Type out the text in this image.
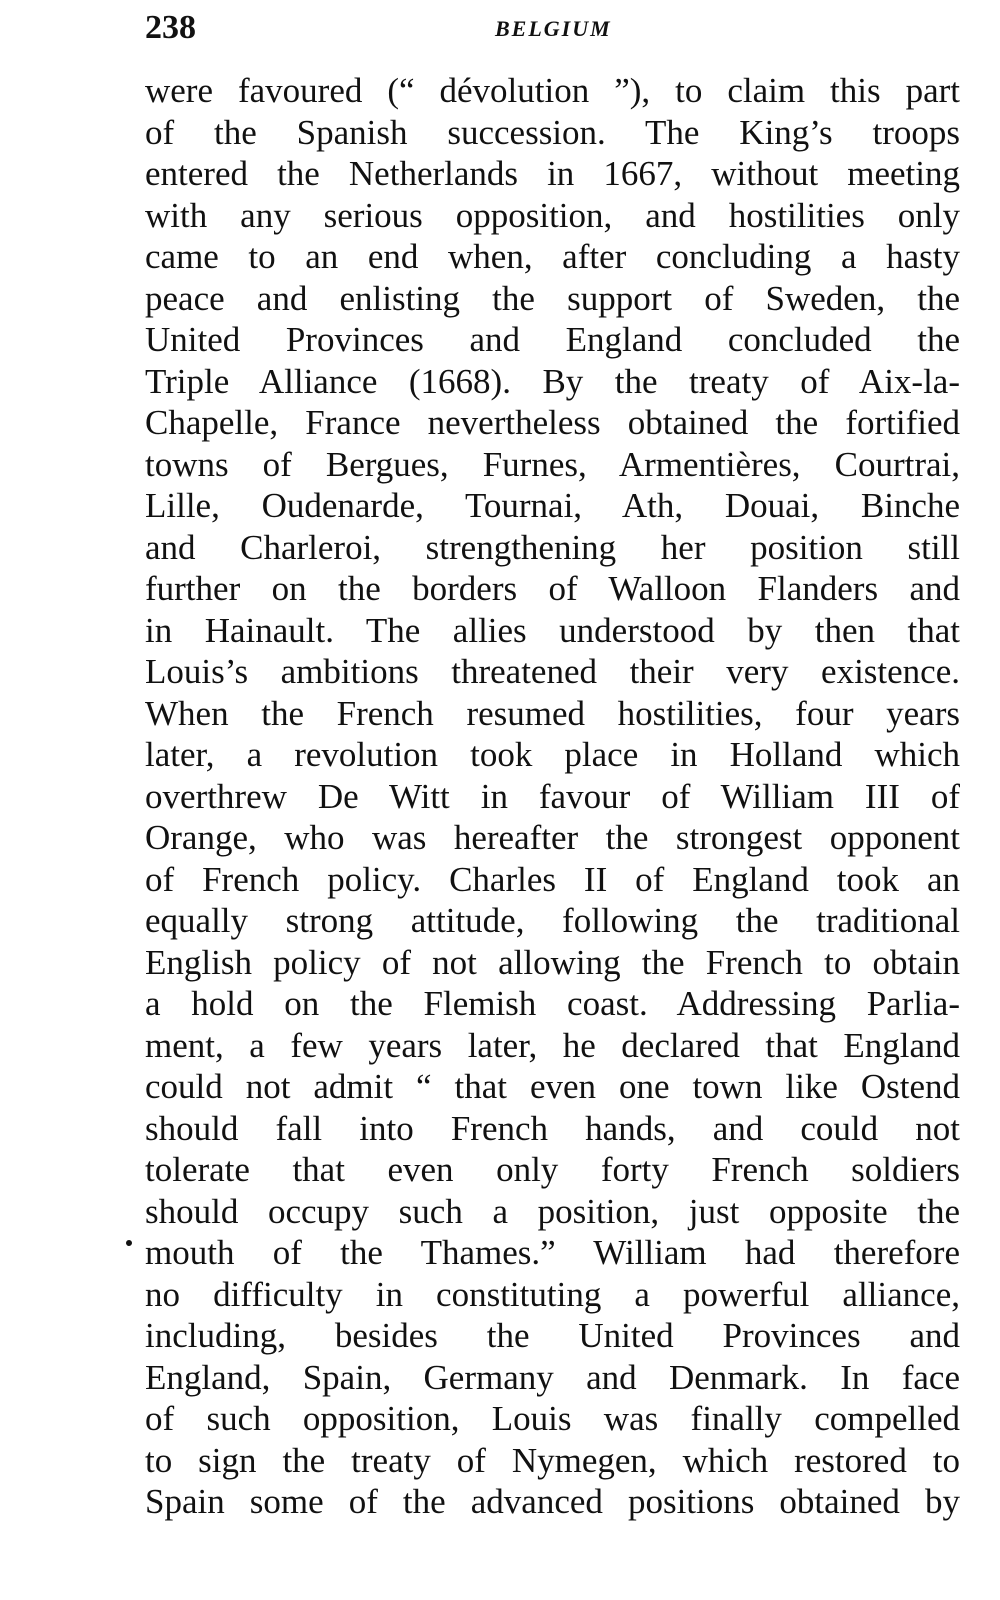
238	BELGIUM
were favoured (“ dévolution ”), to claim this part
of the Spanish succession. The King’s troops
entered the Netherlands in 1667, without meeting
with any serious opposition, and hostilities only
came to an end when, after concluding a hasty
peace and enlisting the support of Sweden, the
United Provinces and England concluded the
Triple Alliance (1668). By the treaty of Aix-la-
Chapelle, France nevertheless obtained the fortified
towns of Bergues, Furnes, Armentières, Courtrai,
Lille, Oudenarde, Tournai, Ath, Douai, Binche
and Charleroi, strengthening her position still
further on the borders of Walloon Flanders and
in Hainault. The allies understood by then that
Louis’s ambitions threatened their very existence.
When the French resumed hostilities, four years
later, a revolution took place in Holland which
overthrew De Witt in favour of William III of
Orange, who was hereafter the strongest opponent
of French policy. Charles II of England took an
equally strong attitude, following the traditional
English policy of not allowing the French to obtain
a hold on the Flemish coast. Addressing Parlia-
ment, a few years later, he declared that England
could not admit “ that even one town like Ostend
should fall into French hands, and could not
tolerate that even only forty French soldiers
should occupy such a position, just opposite the
mouth of the Thames.” William had therefore
no difficulty in constituting a powerful alliance,
including, besides the United Provinces and
England, Spain, Germany and Denmark. In face
of such opposition, Louis was finally compelled
to sign the treaty of Nymegen, which restored to
Spain some of the advanced positions obtained by
